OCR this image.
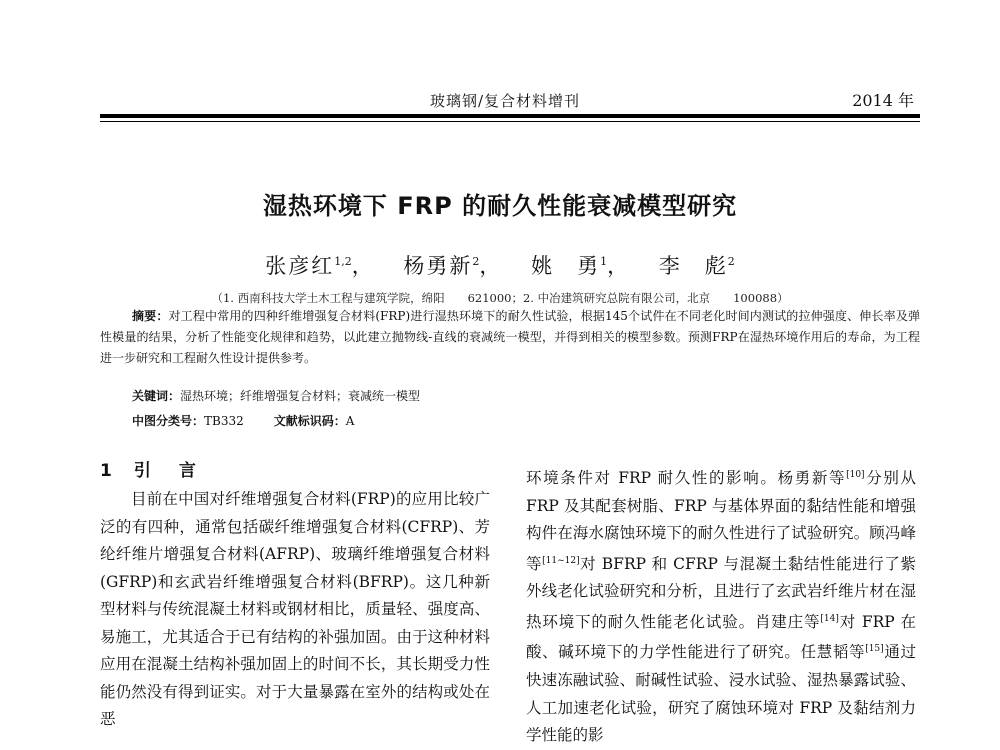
玻璃钢/复合材料增刊	2014 年
湿热环境下 FRP 的耐久性能衰减模型研究
张彦红$^{1,2}$， 杨勇新$^2$， 姚　勇$^1$， 李　彪$^2$
（1. 西南科技大学土木工程与建筑学院，绵阳　　621000；2. 中冶建筑研究总院有限公司，北京　　100088）
摘要：对工程中常用的四种纤维增强复合材料(FRP)进行湿热环境下的耐久性试验，根据145个试件在不同老化时间内测试的拉伸强度、伸长率及弹性模量的结果，分析了性能变化规律和趋势，以此建立抛物线-直线的衰减统一模型，并得到相关的模型参数。预测FRP在湿热环境作用后的寿命，为工程进一步研究和工程耐久性设计提供参考。
关键词：湿热环境；纤维增强复合材料；衰减统一模型
中图分类号：TB332	文献标识码：A
1 引 言

目前在中国对纤维增强复合材料(FRP)的应用比较广泛的有四种，通常包括碳纤维增强复合材料(CFRP)、芳纶纤维片增强复合材料(AFRP)、玻璃纤维增强复合材料(GFRP)和玄武岩纤维增强复合材料(BFRP)。这几种新型材料与传统混凝土材料或钢材相比，质量轻、强度高、易施工，尤其适合于已有结构的补强加固。由于这种材料应用在混凝土结构补强加固上的时间不长，其长期受力性能仍然没有得到证实。对于大量暴露在室外的结构或处在恶

环境条件对 FRP 耐久性的影响。杨勇新等[10]分别从 FRP 及其配套树脂、FRP 与基体界面的黏结性能和增强构件在海水腐蚀环境下的耐久性进行了试验研究。顾冯峰等[11~12]对 BFRP 和 CFRP 与混凝土黏结性能进行了紫外线老化试验研究和分析，且进行了玄武岩纤维片材在湿热环境下的耐久性能老化试验。肖建庄等[14]对 FRP 在酸、碱环境下的力学性能进行了研究。任慧韬等[15]通过快速冻融试验、耐碱性试验、浸水试验、湿热暴露试验、人工加速老化试验，研究了腐蚀环境对 FRP 及黏结剂力学性能的影
